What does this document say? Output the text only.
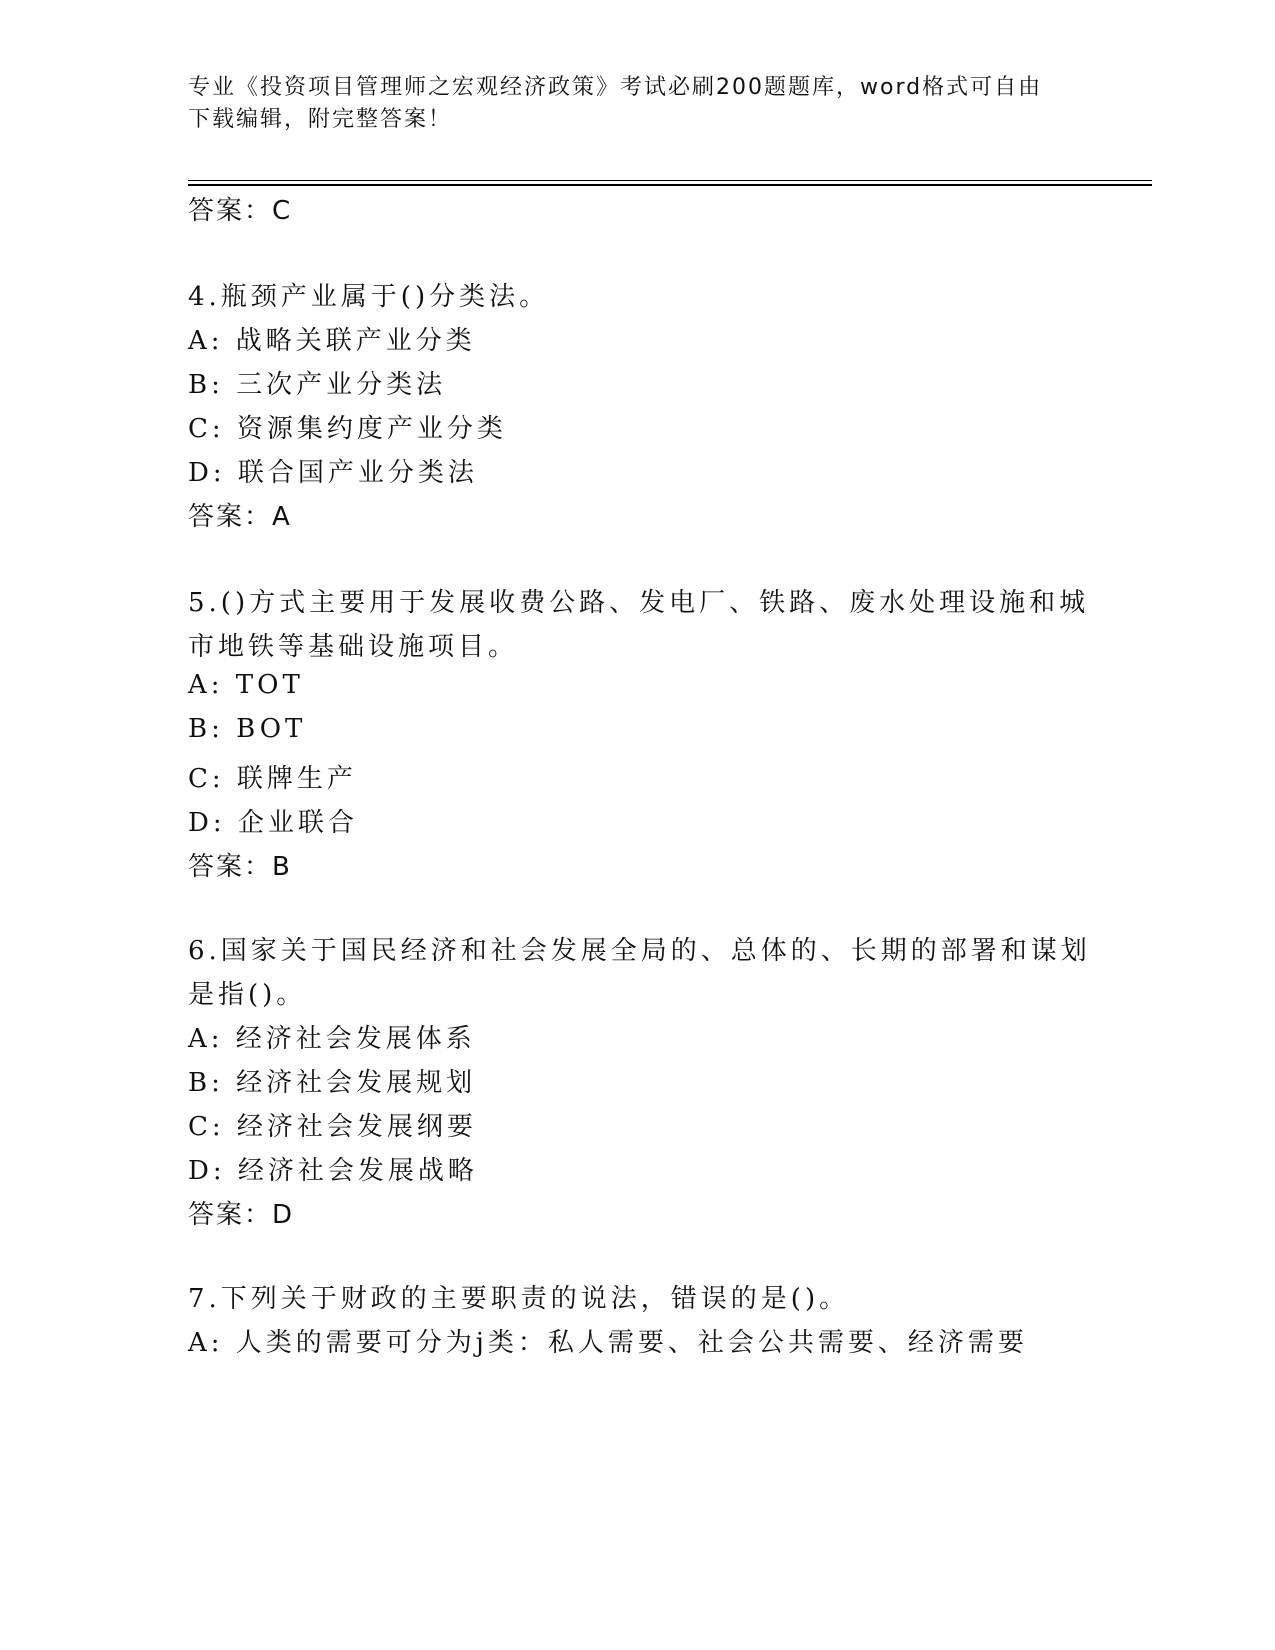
专业《投资项目管理师之宏观经济政策》考试必刷200题题库，word格式可自由
下载编辑，附完整答案！
答案：C
4.瓶颈产业属于()分类法。
A: 战略关联产业分类
B: 三次产业分类法
C: 资源集约度产业分类
D: 联合国产业分类法
答案：A
5.()方式主要用于发展收费公路、发电厂、铁路、废水处理设施和城
市地铁等基础设施项目。
A: TOT
B: BOT
C: 联牌生产
D: 企业联合
答案：B
6.国家关于国民经济和社会发展全局的、总体的、长期的部署和谋划
是指()。
A: 经济社会发展体系
B: 经济社会发展规划
C: 经济社会发展纲要
D: 经济社会发展战略
答案：D
7.下列关于财政的主要职责的说法，错误的是()。
A: 人类的需要可分为j类：私人需要、社会公共需要、经济需要
